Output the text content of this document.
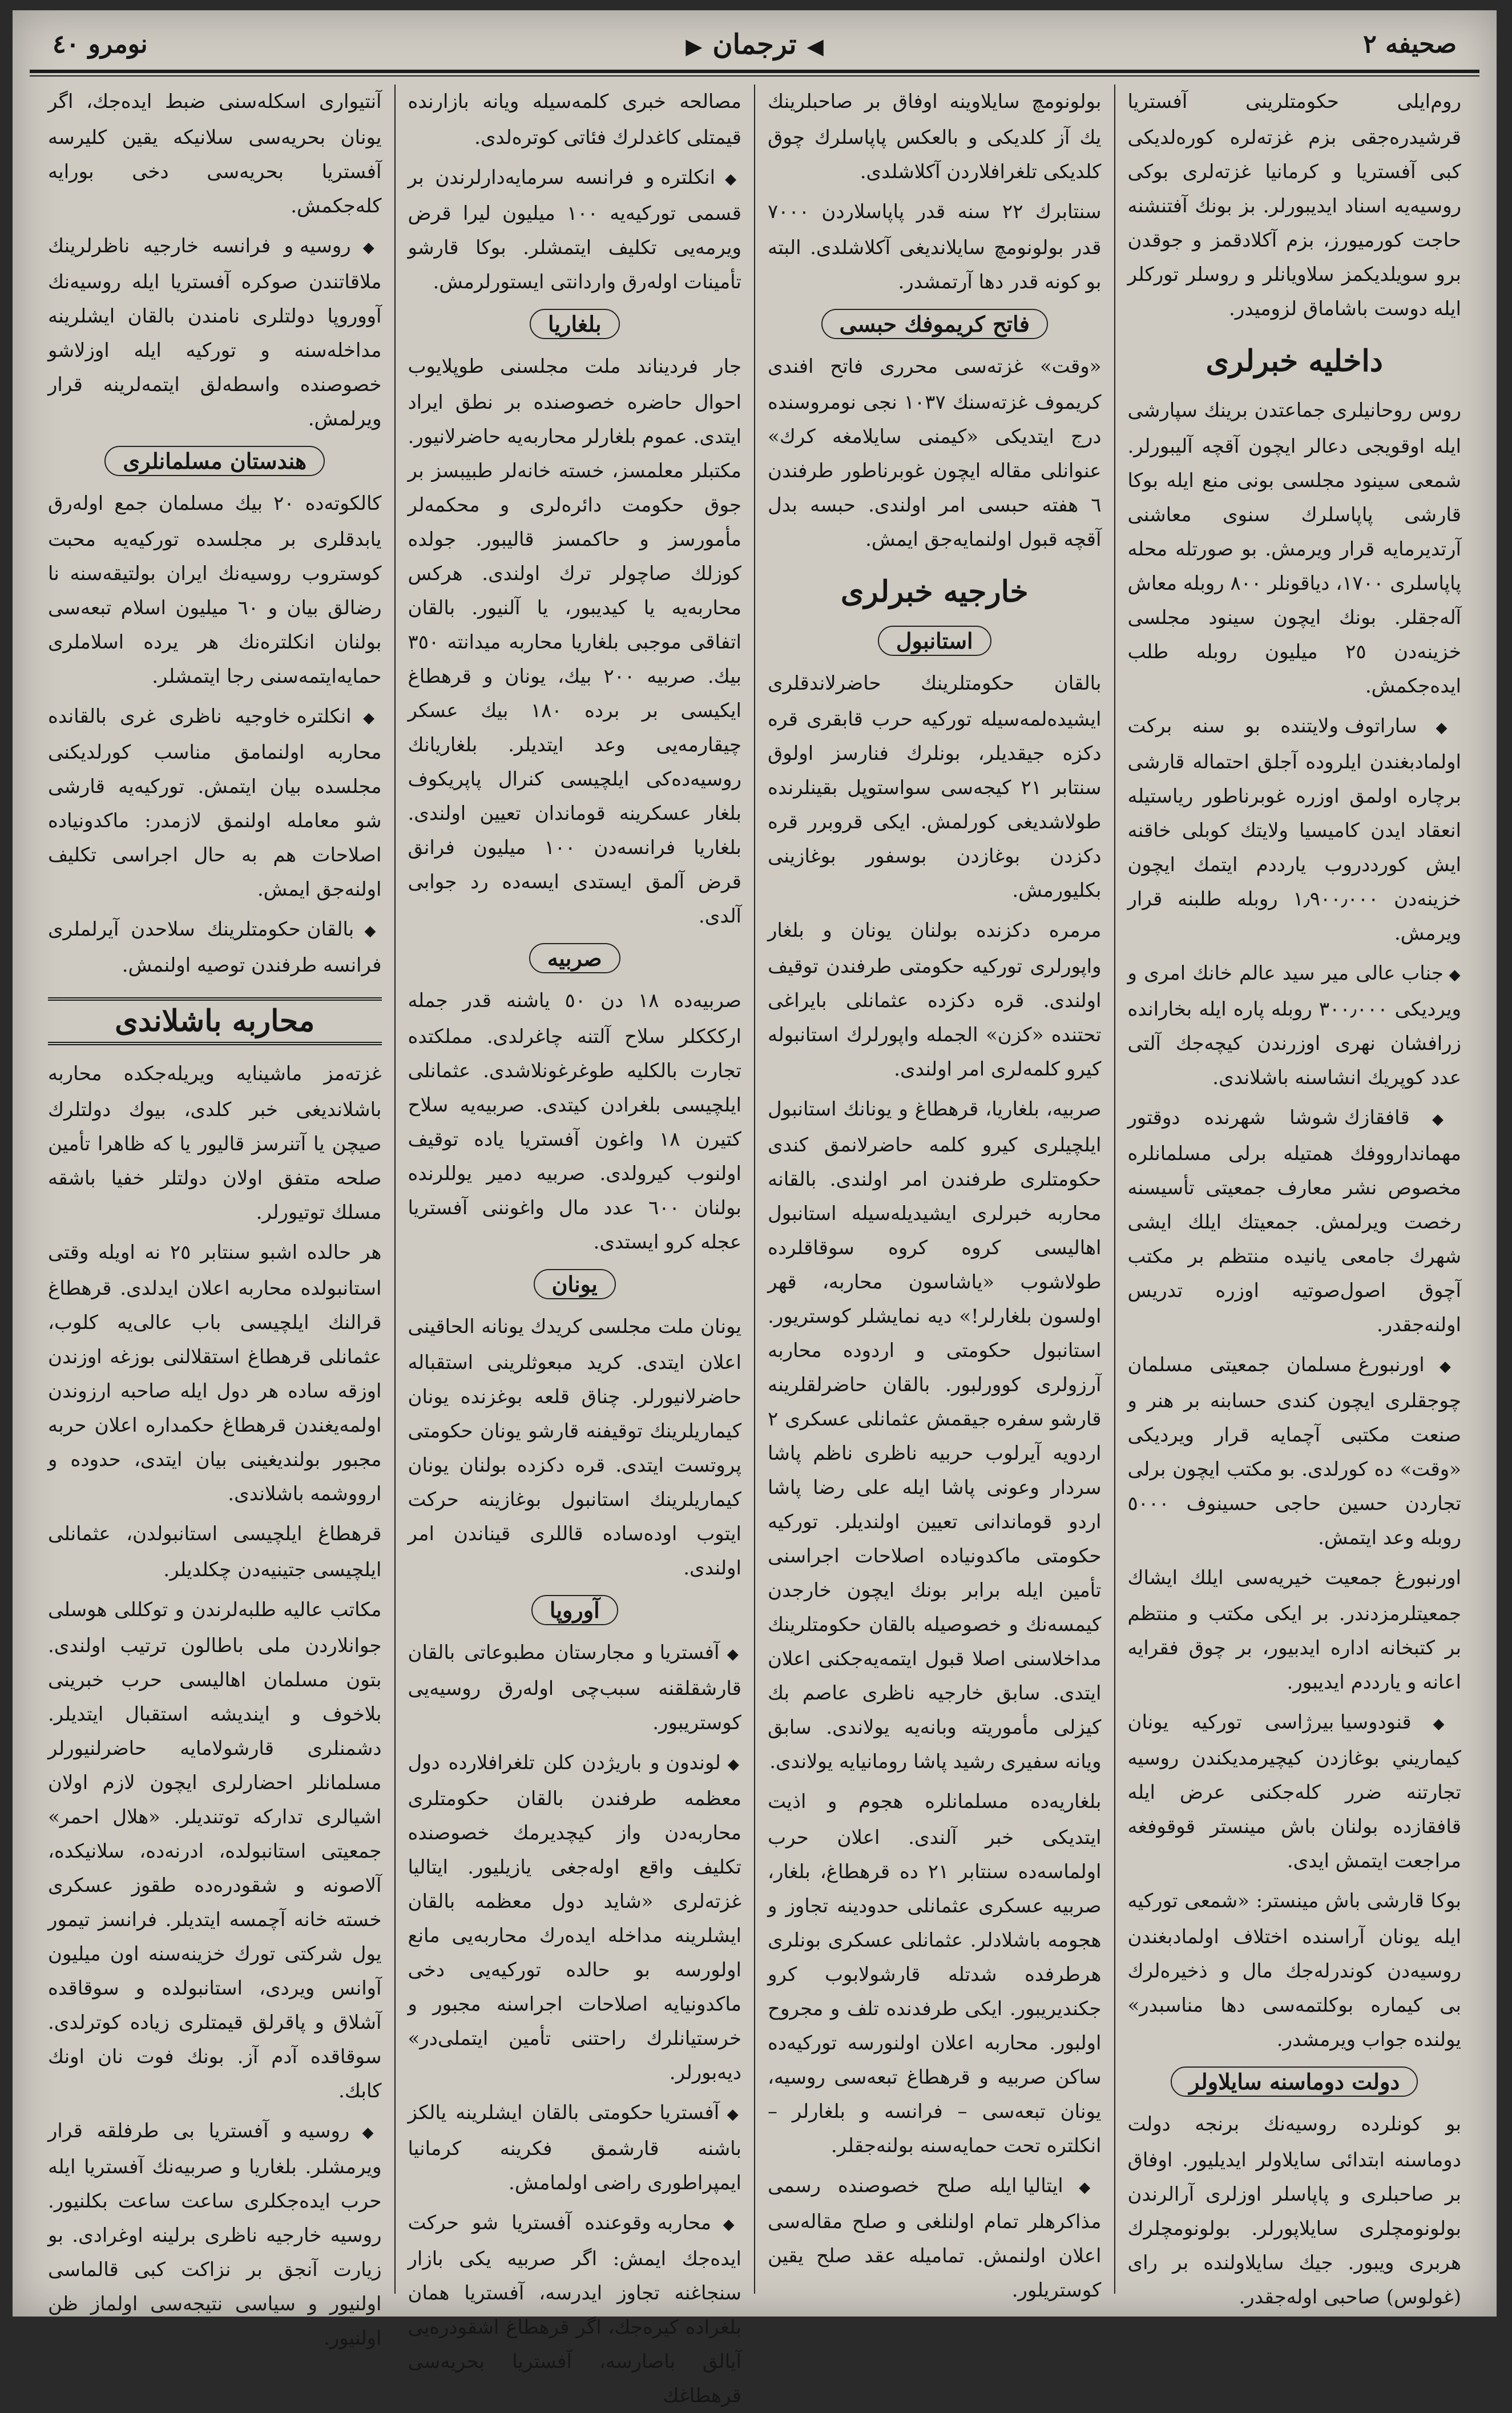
صحيفه ٢
◀ترجمان▶
نومرو ٤٠

روم‌ايلى حكومتلرينى آفستريا قرشيدره‌جقى بزم غزته‌لره كوره‌لديكى كبى آفستريا و كرمانيا غزته‌لرى بوكى روسيه‌يه اسناد ايديبورلر. بز بونك آفتنشنه حاجت كورميورز، بزم آكلادقمز و جوقدن برو سويلديكمز سلاويانلر و روسلر توركلر ايله دوست باشاماق لزوميدر.

داخليه خبرلرى

روس روحانيلرى جماعتدن برينك سپارشى ايله اوقويجى دعالر ايچون آقچه آليبورلر. شمعى سينود مجلسى بونى منع ايله بوكا قارشى پاپاسلرك سنوى معاشنى آرتديرمايه قرار ويرمش. بو صورتله محله پاپاسلرى ١٧٠٠، دياقونلر ٨٠٠ روبله معاش آله‌جقلر. بونك ايچون سينود مجلسى خزينه‌دن ٢٥ ميليون روبله طلب ايده‌جكمش.

◆ ساراتوف ولايتنده بو سنه بركت اولمادبغندن ايلروده آجلق احتماله قارشى برچاره اولمق اوزره غوبرناطور رياستيله انعقاد ايدن كاميسيا ولايتك كوبلى خاقنه ايش كورددروب يارددم ايتمك ايچون خزينه‌دن ١٫٩٠٠٫٠٠٠ روبله طلبنه قرار ويرمش.

◆ جناب عالى مير سيد عالم خانك امرى و ويرديكى ٣٠٠٫٠٠٠ روبله پاره ايله بخارانده زرافشان نهرى اوزرندن كيچه‌جك آلتى عدد كوپريك انشاسنه باشلاندى.

◆ قافقازك شوشا شهرنده دوقتور مهماندارووفك همتيله برلى مسلمانلره مخصوص نشر معارف جمعيتى تأسيسنه رخصت ويرلمش. جمعيتك ايلك ايشى شهرك جامعى يانيده منتظم بر مكتب آچوق اصول‌صوتيه اوزره تدريس اولنه‌جقدر.

◆ اورنبورغ مسلمان جمعيتى مسلمان چوجقلرى ايچون كندى حسابنه بر هنر و صنعت مكتبى آچمايه قرار ويرديكى «وقت» ده كورلدى. بو مكتب ايچون برلى تجاردن حسين حاجى حسينوف ٥٠٠٠ روبله وعد ايتمش.

اورنبورغ جمعيت خيريه‌سى ايلك ايشاك جمعيتلرمزدندر. بر ايكى مكتب و منتظم بر كتبخانه اداره ايدبيور، بر چوق فقرايه اعانه و يارددم ايديبور.

◆ قنودوسيا بيرژاسى توركيه يونان كيماريني بوغازدن كيچيرمديكندن روسيه تجارتنه ضرر كله‌جكنى عرض ايله قافقازده بولنان باش مينستر قوقوفغه مراجعت ايتمش ايدى.

بوكا قارشى باش مينستر: «شمعى توركيه ايله يونان آراسنده اختلاف اولمادبغندن روسيه‌دن كوندرله‌جك مال و ذخيره‌لرك بى كيماره بوكلتمه‌سى دها مناسبدر» يولنده جواب ويرمشدر.

دولت دوماسنه سايلاولر

بو كونلرده روسيه‌نك برنجه دولت دوماسنه ابتدائى سايلاولر ايديليور. اوفاق بر صاحبلرى و پاپاسلر اوزلرى آرالرندن بولونومچلرى سايلاپورلر. بولونومچلرك هربرى ويبور. جيك سايلاولنده بر راى (غولوس) صاحبى اوله‌جقدر.

بولونومچ سايلاوينه اوفاق بر صاحبلرينك يك آز كلديكى و بالعكس پاپاسلرك چوق كلديكى تلغرافلاردن آكلاشلدى.

سنتابرك ٢٢ سنه قدر پاپاسلاردن ٧٠٠٠ قدر بولونومچ سايلانديغى آكلاشلدى. البته بو كونه قدر دها آرتمشدر.

فاتح كريموفك حبسى

«وقت» غزته‌سى محررى فاتح افندى كريموف غزته‌سنك ١٠٣٧ نجى نومروسنده درج ايتديكى «كيمنى سايلامغه كرك» عنوانلى مقاله ايچون غوبرناطور طرفندن ٦ هفته حبسى امر اولندى. حبسه بدل آقچه قبول اولنمايه‌جق ايمش.

خارجيه خبرلرى
استانبول

بالقان حكومتلرينك حاضرلاندقلرى ايشيده‌لمه‌سيله توركيه حرب قابقرى قره دكزه جيقديلر، بونلرك فنارسز اولوق سنتابر ٢١ كيجه‌سى سواستوپل بقينلرنده طولاشديغى كورلمش. ايكى قروبرر قره دكزدن بوغازدن بوسفور بوغازينى بكليورمش.

مرمره دكزنده بولنان يونان و بلغار واپورلرى توركيه حكومتى طرفندن توقيف اولندى. قره دكزده عثمانلى بايراغى تحتنده «كزن» الجمله واپورلرك استانبوله كيرو كلمه‌لرى امر اولندى.

صربيه، بلغاريا، قرهطاغ و يونانك استانبول ايلچيلرى كيرو كلمه حاضرلانمق كندى حكومتلرى طرفندن امر اولندى. بالقانه محاربه خبرلرى ايشيديله‌سيله استانبول اهاليسى كروه كروه سوقاقلرده طولاشوب «ياشاسون محاربه، قهر اولسون بلغارلر!» ديه نمايشلر كوستريور. استانبول حكومتى و اردوده محاربه آرزولرى كوورلبور. بالقان حاضرلقلرينه قارشو سفره جيقمش عثمانلى عسكرى ٢ اردويه آيرلوب حربيه ناظرى ناظم پاشا سردار وعونى پاشا ايله على رضا پاشا اردو قوماندانى تعيين اولنديلر. توركيه حكومتى ماكدونياده اصلاحات اجراسنى تأمين ايله برابر بونك ايچون خارجدن كيمسه‌نك و خصوصيله بالقان حكومتلرينك مداخلاسنى اصلا قبول ايتمه‌يه‌جكنى اعلان ايتدى. سابق خارجيه ناظرى عاصم بك كيزلى مأموريته وبانه‌يه يولاندى. سابق ويانه سفيرى رشيد پاشا رومانيايه يولاندى.

بلغاريه‌ده مسلمانلره هجوم و اذيت ايتديكى خبر آلندى. اعلان حرب اولماسه‌ده سنتابر ٢١ ده قرهطاغ، بلغار، صربيه عسكرى عثمانلى حدودينه تجاوز و هجومه باشلادلر. عثمانلى عسكرى بونلرى هرطرفده شدتله قارشولابوب كرو جكنديريبور. ايكى طرفدنده تلف و مجروح اولبور. محاربه اعلان اولنورسه توركيه‌ده ساكن صربيه و قرهطاغ تبعه‌سى روسيه، يونان تبعه‌سى – فرانسه و بلغارلر – انكلتره تحت حمايه‌سنه بولنه‌جقلر.

◆ ايتاليا ايله صلح خصوصنده رسمى مذاكرهلر تمام اولنلغى و صلح مقاله‌سى اعلان اولنمش. تماميله عقد صلح يقين كوستريلور.

مصالحه خبرى كلمه‌سيله ويانه بازارنده قيمتلى كاغدلرك فئاتى كوتره‌لدى.

◆ انكلتره و فرانسه سرمايه‌دارلرندن بر قسمى توركيه‌يه ١٠٠ ميليون ليرا قرض ويرمه‌يى تكليف ايتمشلر. بوكا قارشو تأمينات اولەرق واردانتى ايستورلرمش.

بلغاريا

جار فرديناند ملت مجلسنى طوپلايوب احوال حاضره خصوصنده بر نطق ايراد ايتدى. عموم بلغارلر محاربه‌يه حاضرلانيور. مكتبلر معلمسز، خسته خانه‌لر طبيبسز بر جوق حكومت دائره‌لرى و محكمه‌لر مأمورسز و حاكمسز قاليبور. جولده كوزلك صاچولر ترك اولندى. هركس محاربه‌يه يا كيديبور، يا آلنيور. بالقان اتفاقى موجبى بلغاريا محاربه ميدانته ٣٥٠ بيك. صربيه ٢٠٠ بيك، يونان و قرهطاغ ايكيسى بر برده ١٨٠ بيك عسكر چيقارمه‌يى وعد ايتديلر. بلغاريانك روسيه‌ده‌كى ايلچيسى كنرال پاپريكوف بلغار عسكرينه قوماندان تعيين اولندى. بلغاريا فرانسه‌دن ١٠٠ ميليون فرانق قرض آلمق ايستدى ايسه‌ده رد جوابى آلدى.

صربيه

صربيه‌ده ١٨ دن ٥٠ ياشنه قدر جمله اركككلر سلاح آلتنه چاغرلدى. مملكتده تجارت بالكليه طوغرغونلاشدى. عثمانلى ايلچيسى بلغرادن كيتدى. صربيه‌يه سلاح كتيرن ١٨ واغون آفستريا ياده توقيف اولنوب كيرولدى. صربيه دمير يوللرنده بولنان ٦٠٠ عدد مال واغوننى آفستريا عجله كرو ايستدى.

يونان

يونان ملت مجلسى كريدك يونانه الحاقينى اعلان ايتدى. كريد مبعوثلرينى استقباله حاضرلانيورلر. چناق قلعه بوغزنده يونان كيماريلرينك توقيفنه قارشو يونان حكومتى پروتست ايتدى. قره دكزده بولنان يونان كيماريلرينك استانبول بوغازينه حركت ايتوب اودەسادە قاللرى قيناندن امر اولندى.

آوروپا

◆ آفستريا و مجارستان مطبوعاتى بالقان قارشقلقنه سبب‌چى اولەرق روسيه‌يى كوستريبور.

◆ لوندون و باريژدن كلن تلغرافلارده دول معظمه طرفندن بالقان حكومتلرى محاربه‌دن واز كيچديرمك خصوصنده تكليف واقع اوله‌جغى يازيليور. ايتاليا غزته‌لرى «شايد دول معظمه بالقان ايشلرينه مداخله ايدەرك محاربه‌يى مانع اولورسه بو حالده توركيه‌يى دخى ماكدونيايه اصلاحات اجراسنه مجبور و خرستيانلرك راحتنى تأمين ايتملى‌در» ديه‌بورلر.

◆ آفستريا حكومتى بالقان ايشلرينه يالكز باشنه قارشمق فكرينه كرمانيا ايمپراطورى راضى اولمامش.

◆ محاربه وقوعنده آفستريا شو حركت ايده‌جك ايمش: اگر صربيه يكى بازار سنجاغنه تجاوز ايدرسه، آفستريا همان بلغراده كيره‌جك، اگر قرهطاغ اشقودره‌يى آيالق باصارسه، آفستريا بحريه‌سى قرهطاغك

آنتيوارى اسكله‌سنى ضبط ايده‌جك، اگر يونان بحريه‌سى سلانيكه يقين كليرسه آفستريا بحريه‌سى دخى بورايه كله‌جكمش.

◆ روسيه و فرانسه خارجيه ناظرلرينك ملاقاتندن صوكره آفستريا ايله روسيه‌نك آووروپا دولتلرى نامندن بالقان ايشلرينه مداخله‌سنه و توركيه ايله اوزلاشو خصوصنده واسطه‌لق ايتمه‌لرينه قرار ويرلمش.

هندستان مسلمانلرى

كالكوتەدە ٢٠ بيك مسلمان جمع اولەرق يابدقلرى بر مجلسده توركيه‌يه محبت كوستروب روسيه‌نك ايران بولتيقه‌سنه نا رضالق بيان و ٦٠ ميليون اسلام تبعه‌سى بولنان انكلتره‌نك هر يرده اسلاملرى حمايه‌ايتمه‌سنى رجا ايتمشلر.

◆ انكلتره خاوجيه ناظرى غرى بالقانده محاربه اولنمامق مناسب كورلديكنى مجلسده بيان ايتمش. توركيه‌يه قارشى شو معامله اولنمق لازمدر: ماكدونياده اصلاحات هم به حال اجراسى تكليف اولنه‌جق ايمش.

◆ بالقان حكومتلرينك سلاحدن آيرلملرى فرانسه طرفندن توصيه اولنمش.

محاربه باشلاندى

غزته‌مز ماشينايه ويريله‌جكده محاربه باشلانديغى خبر كلدى، بيوك دولتلرك صيچن يا آتنرسز قاليور يا كه ظاهرا تأمين صلحه متفق اولان دولتلر خفيا باشقه مسلك توتيورلر.

هر حالده اشبو سنتابر ٢٥ نه اويله وقتى استانبولده محاربه اعلان ايدلدى. قرهطاغ قرالنك ايلچيسى باب عالى‌يه كلوب، عثمانلى قرهطاغ استقلالنى بوزغه اوزندن اوزقه ساده هر دول ايله صاحبه ارزوندن اولمه‌يغندن قرهطاغ حكمداره اعلان حربه مجبور بولنديغينى بيان ايتدى، حدوده و ارووشمه باشلاندى.

قرهطاغ ايلچيسى استانبولدن، عثمانلى ايلچيسى جتينيەدن چكلديلر.

مكاتب عاليه طلبه‌لرندن و توكللى هوسلى جوانلاردن ملى باطالون ترتيب اولندى. بتون مسلمان اهاليسى حرب خبرينى بلاخوف و اينديشه استقبال ايتديلر. دشمنلرى قارشولامايه حاضرلنيورلر مسلمانلر احضارلرى ايچون لازم اولان اشيالرى تداركه توتنديلر. «هلال احمر» جمعيتى استانبولده، ادرنه‌ده، سلانيكده، آلاصونه و شقودره‌ده طقوز عسكرى خسته خانه آچمسە ايتديلر. فرانسز تيمور يول شركتى تورك خزينه‌سنه اون ميليون آوانس ويردى، استانبولده و سوقاقده آشلاق و پاقرلق قيمتلرى زياده كوترلدى. سوقاقده آدم آز. بونك فوت نان اونك كابك.

◆ روسيه و آفستريا بى طرفلقه قرار ويرمشلر. بلغاريا و صربيه‌نك آفستريا ايله حرب ايده‌جكلرى ساعت ساعت بكلنيور. روسيه خارجيه ناظرى برلينه اوغرادى. بو زيارت آنجق بر نزاكت كبى قالماسى اولنيور و سياسى نتيجه‌سى اولماز ظن اولنيور.
